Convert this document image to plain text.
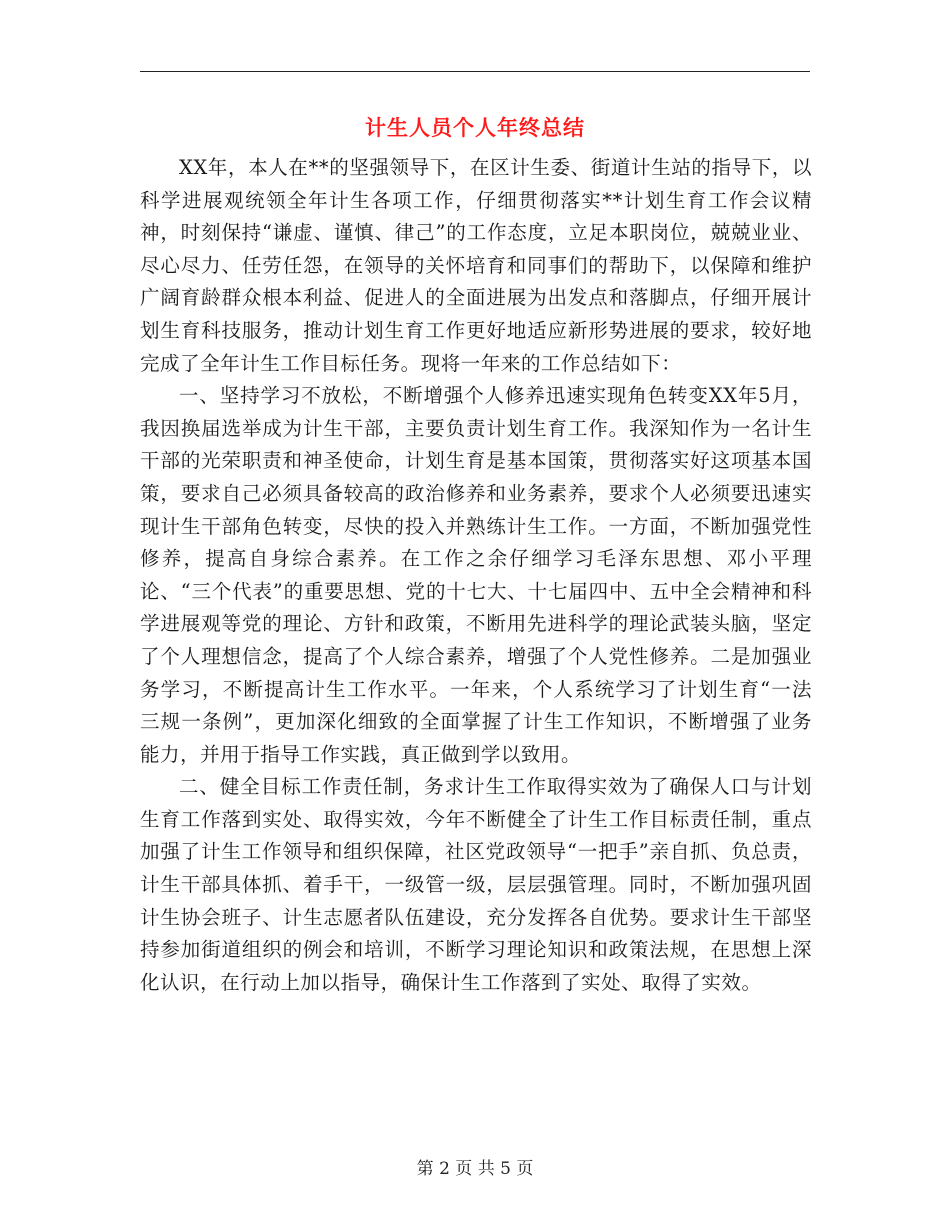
计生人员个人年终总结

XX年，本人在**的坚强领导下，在区计生委、街道计生站的指导下，以科学进展观统领全年计生各项工作，仔细贯彻落实**计划生育工作会议精神，时刻保持“谦虚、谨慎、律己”的工作态度，立足本职岗位，兢兢业业、尽心尽力、任劳任怨，在领导的关怀培育和同事们的帮助下，以保障和维护广阔育龄群众根本利益、促进人的全面进展为出发点和落脚点，仔细开展计划生育科技服务，推动计划生育工作更好地适应新形势进展的要求，较好地完成了全年计生工作目标任务。现将一年来的工作总结如下：

一、坚持学习不放松，不断增强个人修养迅速实现角色转变XX年5月，我因换届选举成为计生干部，主要负责计划生育工作。我深知作为一名计生干部的光荣职责和神圣使命，计划生育是基本国策，贯彻落实好这项基本国策，要求自己必须具备较高的政治修养和业务素养，要求个人必须要迅速实现计生干部角色转变，尽快的投入并熟练计生工作。一方面，不断加强党性修养，提高自身综合素养。在工作之余仔细学习毛泽东思想、邓小平理论、“三个代表”的重要思想、党的十七大、十七届四中、五中全会精神和科学进展观等党的理论、方针和政策，不断用先进科学的理论武装头脑，坚定了个人理想信念，提高了个人综合素养，增强了个人党性修养。二是加强业务学习，不断提高计生工作水平。一年来，个人系统学习了计划生育“一法三规一条例”，更加深化细致的全面掌握了计生工作知识，不断增强了业务能力，并用于指导工作实践，真正做到学以致用。

二、健全目标工作责任制，务求计生工作取得实效为了确保人口与计划生育工作落到实处、取得实效，今年不断健全了计生工作目标责任制，重点加强了计生工作领导和组织保障，社区党政领导“一把手”亲自抓、负总责，计生干部具体抓、着手干，一级管一级，层层强管理。同时，不断加强巩固计生协会班子、计生志愿者队伍建设，充分发挥各自优势。要求计生干部坚持参加街道组织的例会和培训，不断学习理论知识和政策法规，在思想上深化认识，在行动上加以指导，确保计生工作落到了实处、取得了实效。

第 2 页 共 5 页
